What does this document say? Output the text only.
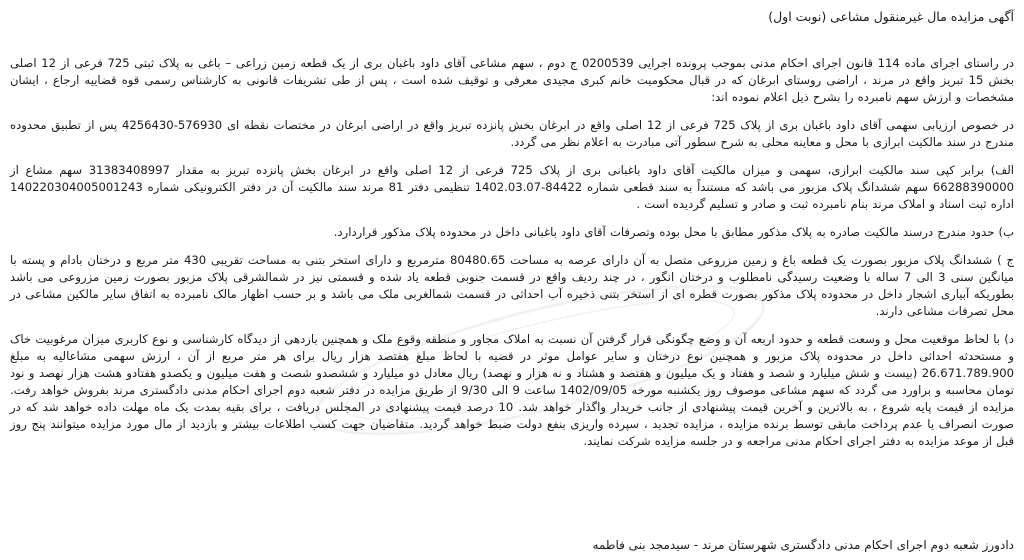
آگهی مزایده مال غیرمنقول مشاعی (نوبت اول)

در راستای اجرای ماده 114 قانون اجرای احکام مدنی بموجب پرونده اجرایی 0200539 ج دوم ، سهم مشاعی آقای داود باغبان بری از یک قطعه زمین زراعی – باغی به پلاک ثبتی 725 فرعی از 12 اصلی بخش 15 تبریز واقع در مرند ، اراضی روستای ابرغان که در قبال محکومیت خانم کبری مجیدی معرفی و توقیف شده است ، پس از طی تشریفات قانونی به کارشناس رسمی قوه قضاییه ارجاع ، ایشان مشخصات و ارزش سهم نامبرده را بشرح ذیل اعلام نموده اند:

در خصوص ارزیابی سهمی آقای داود باغبان بری از پلاک 725 فرعی از 12 اصلی واقع در ابرغان بخش پانزده تبریز واقع در اراضی ابرغان در مختصات نقطه ای 576930-4256430 پس از تطبیق محدوده مندرج در سند مالکیت ابرازی با محل و معاینه محلی به شرح سطور آتی مبادرت به اعلام نظر می گردد.

الف) برابر کپی سند مالکیت ابرازی، سهمی و میزان مالکیت آقای داود باغبانی بری از پلاک 725 فرعی از 12 اصلی واقع در ابرغان بخش پانزده تبریز به مقدار 31383408997 سهم مشاع از 66288390000 سهم ششدانگ پلاک مزبور می باشد که مستنداً به سند قطعی شماره 84422-1402.03.07 تنظیمی دفتر 81 مرند سند مالکیت آن در دفتر الکترونیکی شماره 140220304005001243 اداره ثبت اسناد و املاک مرند بنام نامبرده ثبت و صادر و تسلیم گردیده است .

ب) حدود مندرج درسند مالکیت صادره به پلاک مذکور مطابق با محل بوده وتصرفات آقای داود باغبانی داخل در محدوده پلاک مذکور قراردارد.

ج ) ششدانگ پلاک مزبور بصورت یک قطعه باغ و زمین مزروعی متصل به آن دارای عرصه به مساحت 80480.65 مترمربع و دارای استخر بتنی به مساحت تقریبی 430 متر مربع و درختان بادام و پسته با میانگین سنی 3 الی 7 ساله با وضعیت رسیدگی نامطلوب و درختان انگور ، در چند ردیف واقع در قسمت جنوبی قطعه یاد شده و قسمتی نیز در شمالشرقی پلاک مزبور بصورت زمین مزروعی می باشد بطوریکه آبیاری اشجار داخل در محدوده پلاک مذکور بصورت قطره ای از استخر بتنی ذخیره آب احداثی در قسمت شمالغربی ملک می باشد و بر حسب اظهار مالک نامبرده به اتفاق سایر مالکین مشاعی در محل تصرفات مشاعی دارند.

د) با لحاظ موقعیت محل و وسعت قطعه و حدود اربعه آن و وضع چگونگی قرار گرفتن آن نسبت به املاک مجاور و منطقه وقوع ملک و همچنین بازدهی از دیدگاه کارشناسی و نوع کاربری میزان مرغوبیت خاک و مستحدثه احداثی داخل در محدوده پلاک مزبور و همچنین نوع درختان و سایر عوامل موثر در قضیه با لحاظ مبلغ هفتصد هزار ریال برای هر متر مربع از آن ، ارزش سهمی مشاعالیه به مبلغ 26.671.789.900 (بیست و شش میلیارد و شصد و هفتاد و یک میلیون و هفتصد و هشتاد و نه هزار و نهصد) ریال معادل دو میلیارد و ششصدو شصت و هفت میلیون و یکصدو هفتادو هشت هزار نهصد و نود تومان محاسبه و براورد می گردد که سهم مشاعی موصوف روز یکشنبه مورخه 1402/09/05 ساعت 9 الی 9/30 از طریق مزایده در دفتر شعبه دوم اجرای احکام مدنی دادگستری مرند بفروش خواهد رفت. مزایده از قیمت پایه شروع ، به بالاترین و آخرین قیمت پیشنهادی از جانب خریدار واگذار خواهد شد. 10 درصد قیمت پیشنهادی در المجلس دریافت ، برای بقیه بمدت یک ماه مهلت داده خواهد شد که در صورت انصراف یا عدم پرداخت مابقی توسط برنده مزایده ، مزایده تجدید ، سپرده واریزی بنفع دولت ضبط خواهد گردید. متقاضیان جهت کسب اطلاعات بیشتر و بازدید از مال مورد مزایده میتوانند پنج روز قبل از موعد مزایده به دفتر اجرای احکام مدنی مراجعه و در جلسه مزایده شرکت نمایند.

دادورز شعبه دوم اجرای احکام مدنی دادگستری شهرستان مرند - سیدمجد بنی فاطمه
